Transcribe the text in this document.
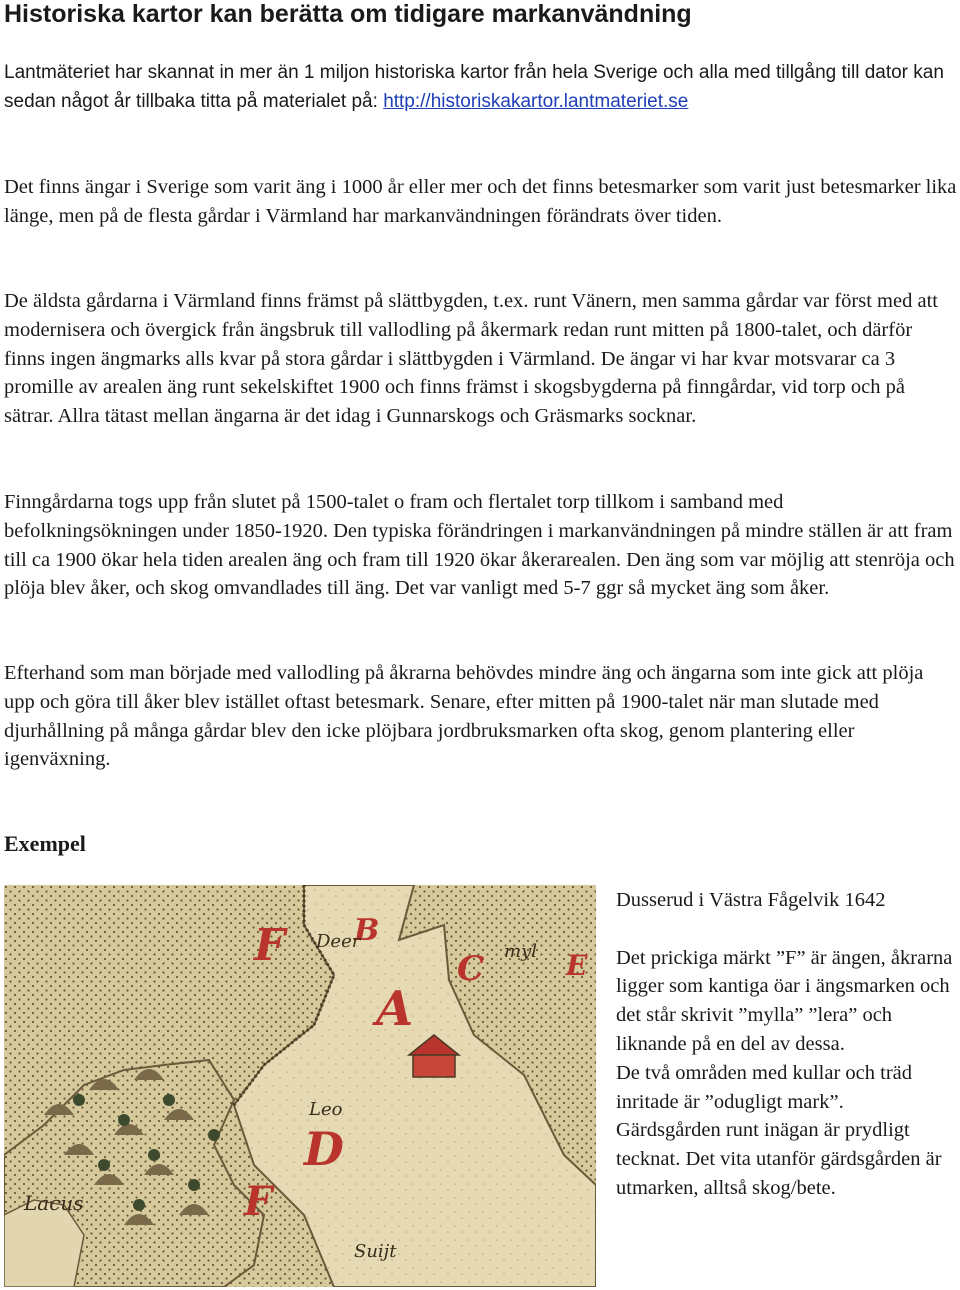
Historiska kartor kan berätta om tidigare markanvändning
Lantmäteriet har skannat in mer än 1 miljon historiska kartor från hela Sverige och alla med tillgång till dator kan sedan något år tillbaka titta på materialet på: http://historiskakartor.lantmateriet.se
Det finns ängar i Sverige som varit äng i 1000 år eller mer och det finns betesmarker som varit just betesmarker lika länge, men på de flesta gårdar i Värmland har markanvändningen förändrats över tiden.
De äldsta gårdarna i Värmland finns främst på slättbygden, t.ex. runt Vänern, men samma gårdar var först med att modernisera och övergick från ängsbruk till vallodling på åkermark redan runt mitten på 1800-talet, och därför finns ingen ängmarks alls kvar på stora gårdar i slättbygden i Värmland. De ängar vi har kvar motsvarar ca 3 promille av arealen äng runt sekelskiftet 1900 och finns främst i skogsbygderna på finngårdar, vid torp och på sätrar. Allra tätast mellan ängarna är det idag i Gunnarskogs och Gräsmarks socknar.
Finngårdarna togs upp från slutet på 1500-talet o fram och flertalet torp tillkom i samband med befolkningsökningen under 1850-1920. Den typiska förändringen i markanvändningen på mindre ställen är att fram till ca 1900 ökar hela tiden arealen äng och fram till 1920 ökar åkerarealen. Den äng som var möjlig att stenröja och plöja blev åker, och skog omvandlades till äng. Det var vanligt med 5-7 ggr så mycket äng som åker.
Efterhand som man började med vallodling på åkrarna behövdes mindre äng och ängarna som inte gick att plöja upp och göra till åker blev istället oftast betesmark. Senare, efter mitten på 1900-talet när man slutade med djurhållning på många gårdar blev den icke plöjbara jordbruksmarken ofta skog, genom plantering eller igenväxning.
Exempel
F B
A
C	E
D
F
Deer	myl
Lacus
Leo
Suijt

Dusserud i Västra Fågelvik 1642

Det prickiga märkt ”F” är ängen, åkrarna ligger som kantiga öar i ängsmarken och det står skrivit ”mylla” ”lera” och liknande på en del av dessa.

De två områden med kullar och träd inritade är ”odugligt mark”.

Gärdsgården runt inägan är prydligt tecknat. Det vita utanför gärdsgården är utmarken, alltså skog/bete.
